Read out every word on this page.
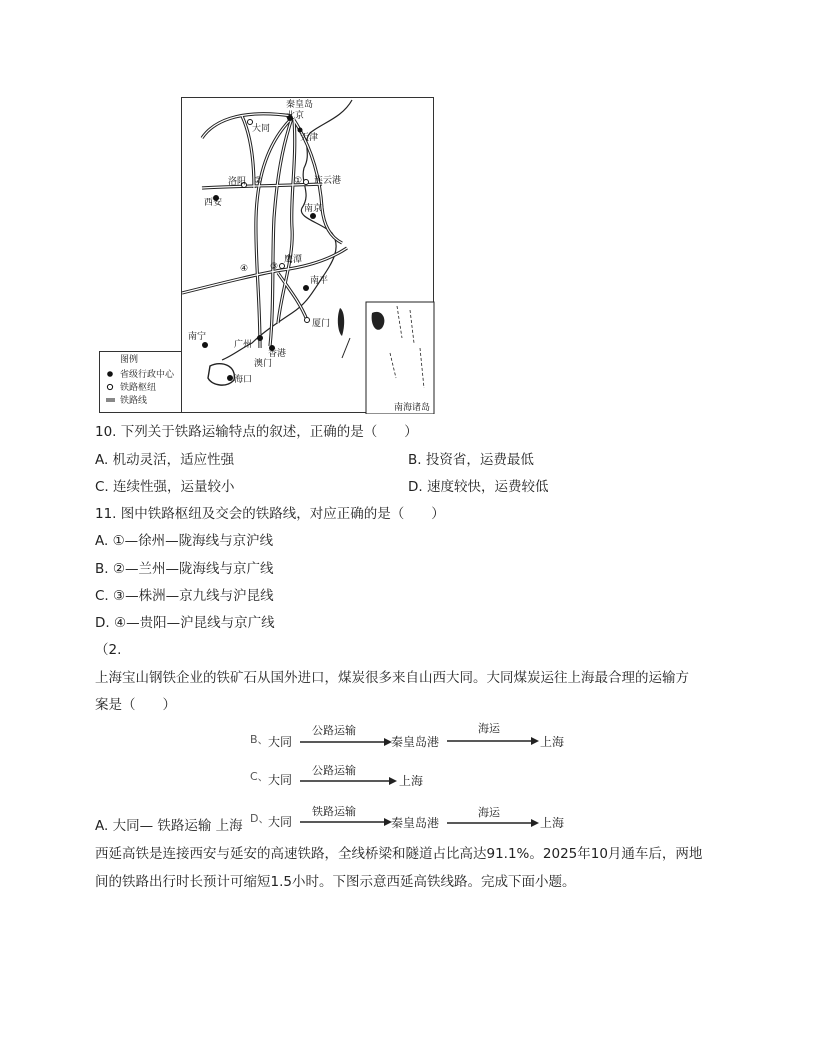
秦皇岛
北京
大同
天津
洛阳 ②	① 连云港
西安
南京
④ ③
鹰潭
南平
厦门
南宁
广州
香港
澳门
海口
南海诸岛
图例
省级行政中心
铁路枢纽
铁路线
10. 下列关于铁路运输特点的叙述，正确的是（　　）
A. 机动灵活，适应性强	B. 投资省，运费最低
C. 连续性强，运量较小	D. 速度较快，运费较低
11. 图中铁路枢纽及交会的铁路线，对应正确的是（　　）
A. ①—徐州—陇海线与京沪线
B. ②—兰州—陇海线与京广线
C. ③—株洲—京九线与沪昆线
D. ④—贵阳—沪昆线与京广线
（2.
上海宝山钢铁企业的铁矿石从国外进口，煤炭很多来自山西大同。大同煤炭运往上海最合理的运输方
案是（　　）
B、 大同
公路运输
秦皇岛港
海运
上海
C、 大同
公路运输
上海
D、
大同
铁路运输
秦皇岛港
海运
上海
A. 大同— 铁路运输 上海
西延高铁是连接西安与延安的高速铁路，全线桥梁和隧道占比高达91.1%。2025年10月通车后，两地
间的铁路出行时长预计可缩短1.5小时。下图示意西延高铁线路。完成下面小题。
